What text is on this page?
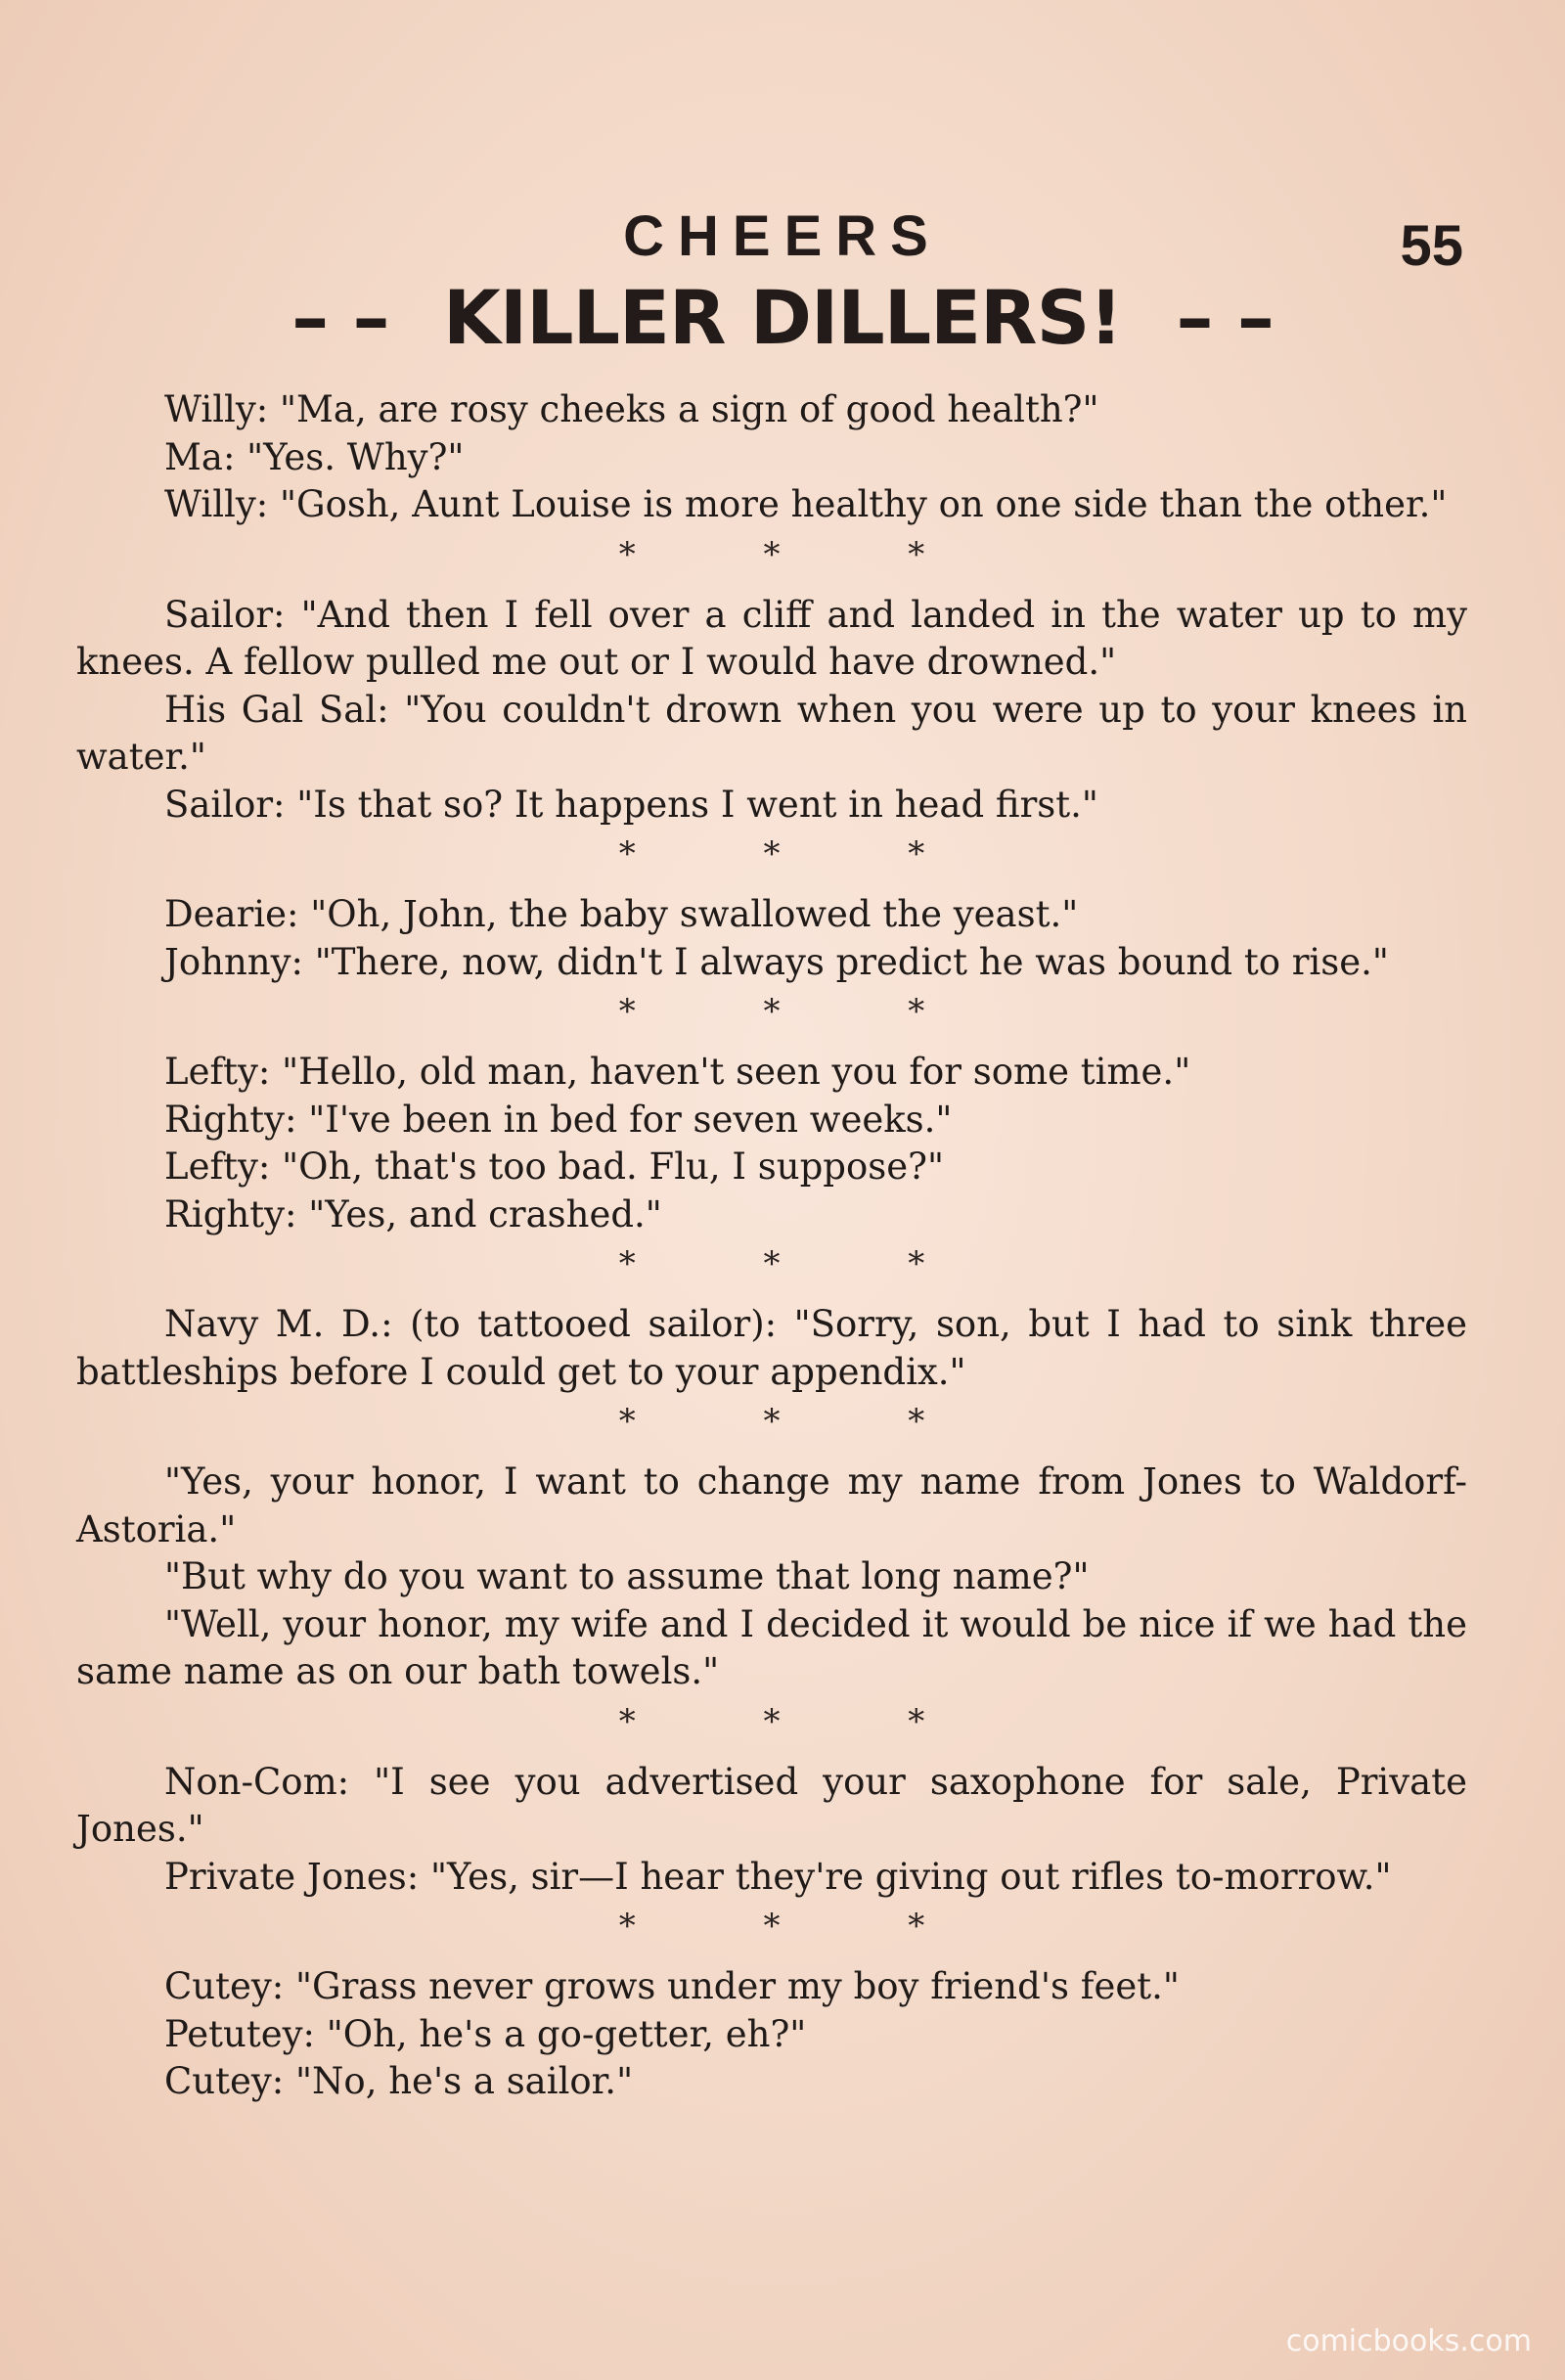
CHEERS	55
– – KILLER DILLERS! – –

Willy: "Ma, are rosy cheeks a sign of good health?"

Ma: "Yes. Why?"

Willy: "Gosh, Aunt Louise is more healthy on one side than the other."

* * *

Sailor: "And then I fell over a cliff and landed in the water up to my knees. A fellow pulled me out or I would have drowned."

His Gal Sal: "You couldn't drown when you were up to your knees in water."

Sailor: "Is that so? It happens I went in head first."

* * *

Dearie: "Oh, John, the baby swallowed the yeast."

Johnny: "There, now, didn't I always predict he was bound to rise."

* * *

Lefty: "Hello, old man, haven't seen you for some time."

Righty: "I've been in bed for seven weeks."

Lefty: "Oh, that's too bad. Flu, I suppose?"

Righty: "Yes, and crashed."

* * *

Navy M. D.: (to tattooed sailor): "Sorry, son, but I had to sink three battleships before I could get to your appendix."

* * *

"Yes, your honor, I want to change my name from Jones to Waldorf-Astoria."

"But why do you want to assume that long name?"

"Well, your honor, my wife and I decided it would be nice if we had the same name as on our bath towels."

* * *

Non-Com: "I see you advertised your saxophone for sale, Private Jones."

Private Jones: "Yes, sir—I hear they're giving out rifles to-morrow."

* * *

Cutey: "Grass never grows under my boy friend's feet."

Petutey: "Oh, he's a go-getter, eh?"

Cutey: "No, he's a sailor."

comicbooks.com
